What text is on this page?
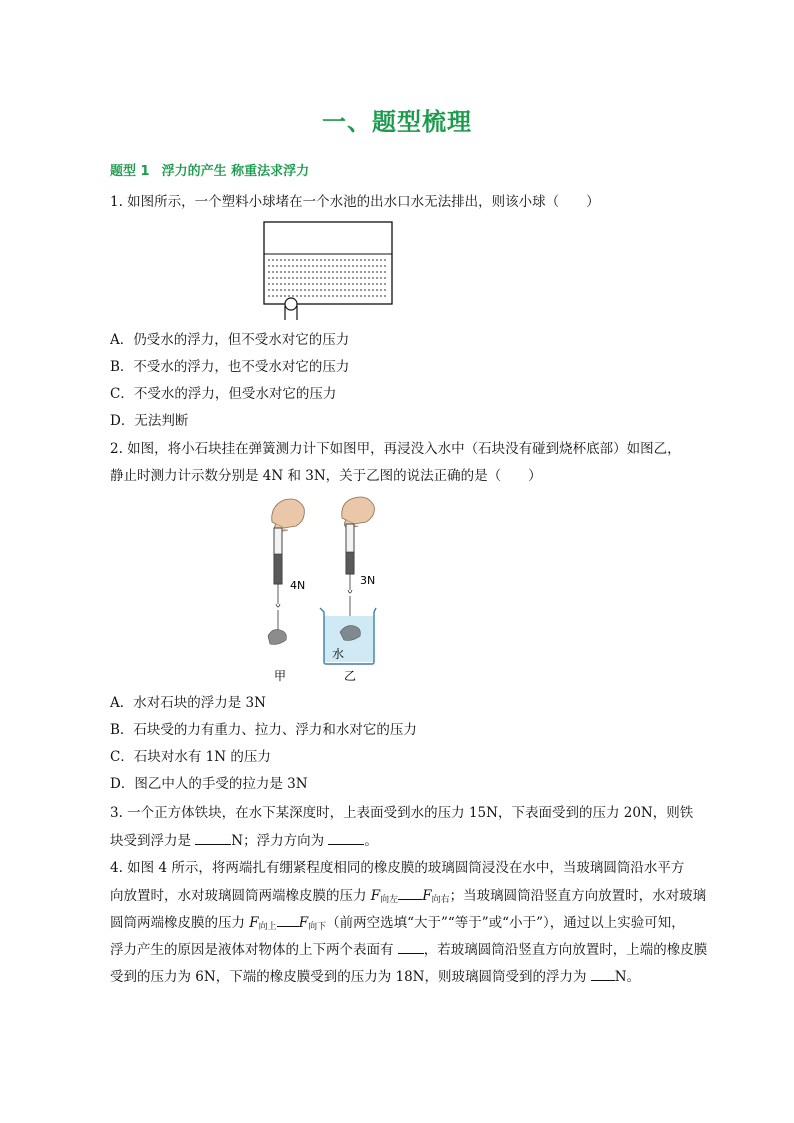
一、题型梳理
题型 1 浮力的产生 称重法求浮力
1. 如图所示，一个塑料小球堵在一个水池的出水口水无法排出，则该小球（　　）
A．仍受水的浮力，但不受水对它的压力
B．不受水的浮力，也不受水对它的压力
C．不受水的浮力，但受水对它的压力
D．无法判断
2. 如图，将小石块挂在弹簧测力计下如图甲，再浸没入水中（石块没有碰到烧杯底部）如图乙，
静止时测力计示数分别是 4N 和 3N，关于乙图的说法正确的是（　　）
4N	3N
水
甲	乙
A．水对石块的浮力是 3N
B．石块受的力有重力、拉力、浮力和水对它的压力
C．石块对水有 1N 的压力
D．图乙中人的手受的拉力是 3N
3. 一个正方体铁块，在水下某深度时，上表面受到水的压力 15N，下表面受到的压力 20N，则铁
块受到浮力是	N；浮力方向为	。
4. 如图 4 所示，将两端扎有绷紧程度相同的橡皮膜的玻璃圆筒浸没在水中，当玻璃圆筒沿水平方
向放置时，水对玻璃圆筒两端橡皮膜的压力 $F_{向左}$ $F_{向右}$；当玻璃圆筒沿竖直方向放置时，水对玻璃
圆筒两端橡皮膜的压力 $F_{向上}$ $F_{向下}$（前两空选填“大于”“等于”或“小于”），通过以上实验可知，
浮力产生的原因是液体对物体的上下两个表面有 ，若玻璃圆筒沿竖直方向放置时，上端的橡皮膜
受到的压力为 6N，下端的橡皮膜受到的压力为 18N，则玻璃圆筒受到的浮力为 N。
